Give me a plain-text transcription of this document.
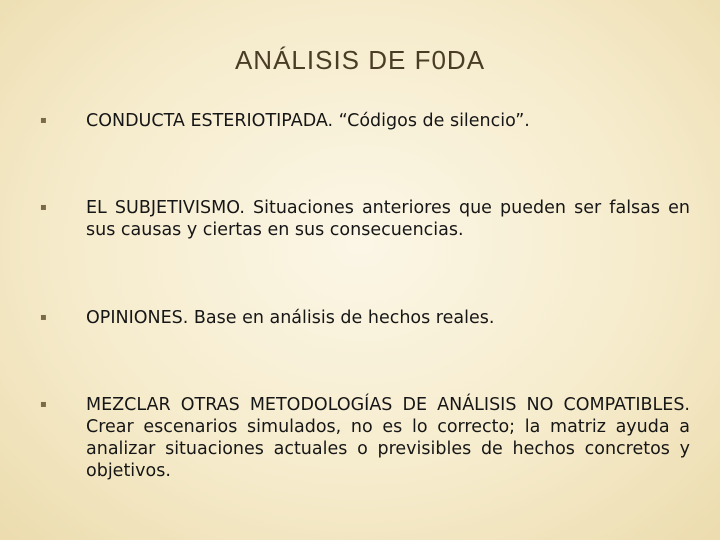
ANÁLISIS DE F0DA
▪ CONDUCTA ESTERIOTIPADA. “Códigos de silencio”.
▪ EL SUBJETIVISMO. Situaciones anteriores que pueden ser falsas en sus causas y ciertas en sus consecuencias.
▪ OPINIONES. Base en análisis de hechos reales.
▪ MEZCLAR OTRAS METODOLOGÍAS DE ANÁLISIS NO COMPATIBLES. Crear escenarios simulados, no es lo correcto; la matriz ayuda a analizar situaciones actuales o previsibles de hechos concretos y objetivos.
